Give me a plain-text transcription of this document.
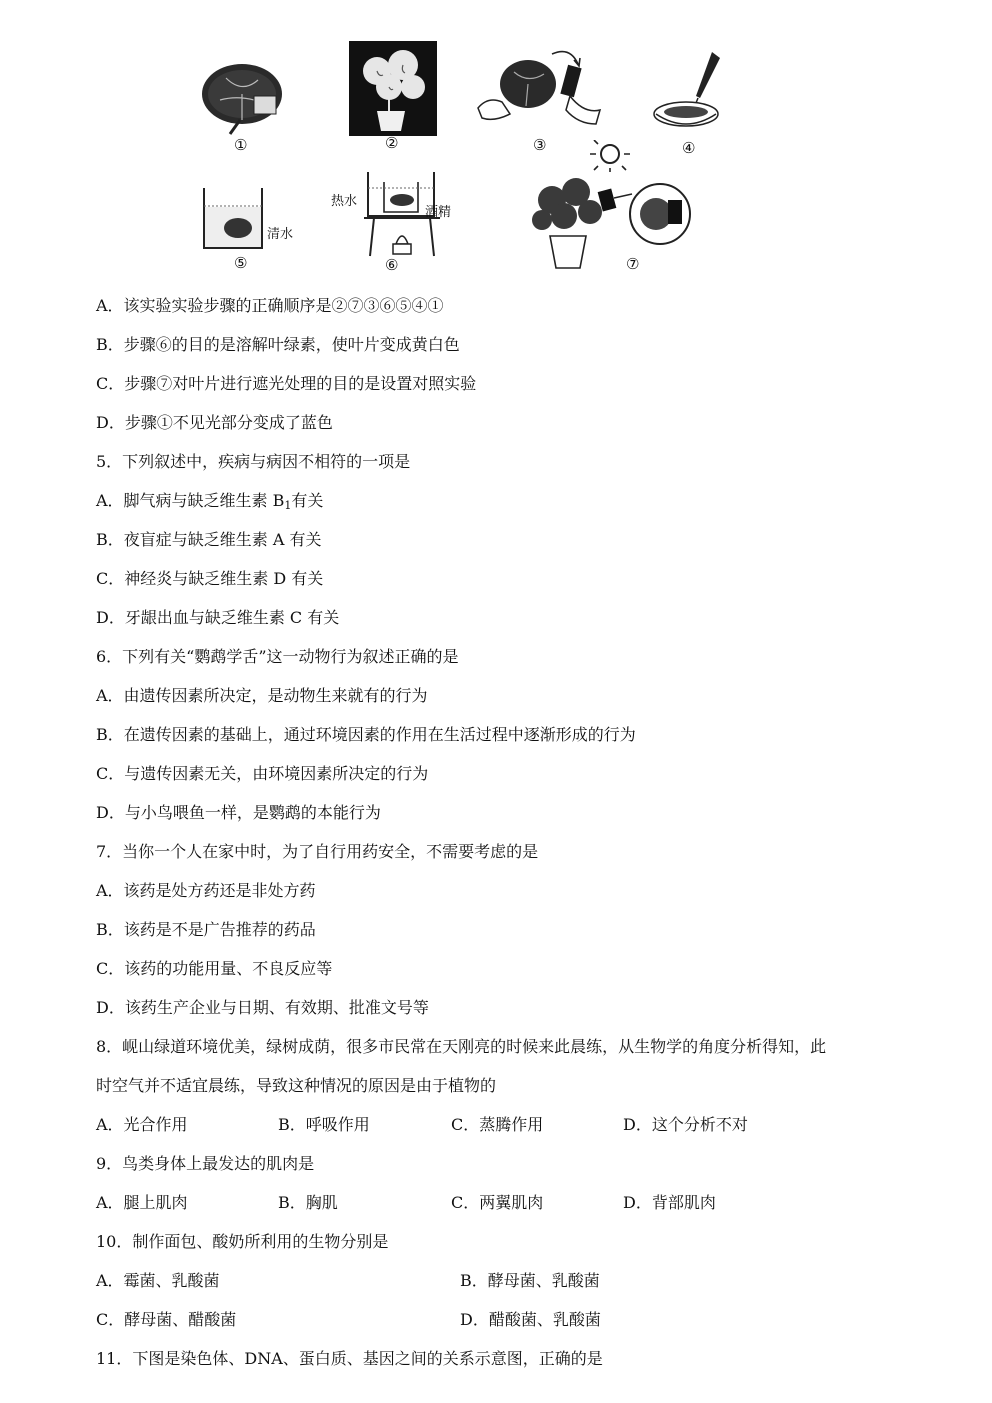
①	②	③	④
清水
⑤
热水
酒精
⑥	⑦
A．该实验实验步骤的正确顺序是②⑦③⑥⑤④①
B．步骤⑥的目的是溶解叶绿素，使叶片变成黄白色
C．步骤⑦对叶片进行遮光处理的目的是设置对照实验
D．步骤①不见光部分变成了蓝色
5．下列叙述中，疾病与病因不相符的一项是
A．脚气病与缺乏维生素 $B_1$有关
B．夜盲症与缺乏维生素 A 有关
C．神经炎与缺乏维生素 D 有关
D．牙龈出血与缺乏维生素 C 有关
6．下列有关“鹦鹉学舌”这一动物行为叙述正确的是
A．由遗传因素所决定，是动物生来就有的行为
B．在遗传因素的基础上，通过环境因素的作用在生活过程中逐渐形成的行为
C．与遗传因素无关，由环境因素所决定的行为
D．与小鸟喂鱼一样，是鹦鹉的本能行为
7．当你一个人在家中时，为了自行用药安全，不需要考虑的是
A．该药是处方药还是非处方药
B．该药是不是广告推荐的药品
C．该药的功能用量、不良反应等
D．该药生产企业与日期、有效期、批准文号等
8．岘山绿道环境优美，绿树成荫，很多市民常在天刚亮的时候来此晨练，从生物学的角度分析得知，此
时空气并不适宜晨练，导致这种情况的原因是由于植物的
A．光合作用	B．呼吸作用	C．蒸腾作用	D．这个分析不对
9．鸟类身体上最发达的肌肉是
A．腿上肌肉	B．胸肌	C．两翼肌肉	D．背部肌肉
10．制作面包、酸奶所利用的生物分别是
A．霉菌、乳酸菌	B．酵母菌、乳酸菌
C．酵母菌、醋酸菌	D．醋酸菌、乳酸菌
11．下图是染色体、DNA、蛋白质、基因之间的关系示意图，正确的是
